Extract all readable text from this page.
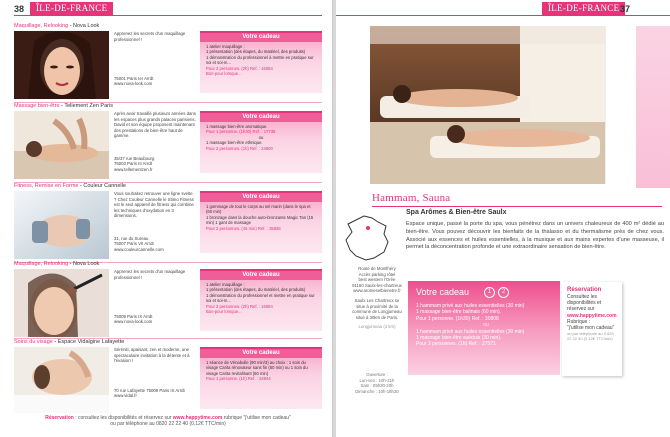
38	ÎLE-DE-FRANCE
Maquillage, Relooking - Nova Look
Apprenez les secrets d'un maquillage professionnel !
75001 Paris Ier Arrdt
www.nova-look.com
Votre cadeau
1 atelier maquillage :
1 présentation (des étapes, du matériel, des produits)
1 démonstration du professionnel à mettre en pratique sur soi et soi-m...
Pour 2 personnes. (2h) Ref. : 16084
Bon-pour lorsque...
Massage bien-être - Tellement Zen Paris
Après avoir travaillé plusieurs années dans les espaces plus grands palaces parisiens, David et son équipe proposent maintenant des prestations de bien-être haut de gamme.
35/37 rue Beaubourg
75003 Paris III Arrdt
www.tellementzen.fr
Votre cadeau
1 massage bien-être aromatique.
Pour 1 personne. (1h30) Ref. : 17736
ou
1 massage bien-être ethnique.
Pour 2 personnes. (1h) Ref. : 24800
Fitness, Remise en Forme - Couleur Cannelle
Vous souhaitez retrouver une ligne svelte ? Chez Couleur Cannelle le Stimo Fitness est le seul appareil de fitness qui combine les techniques d'oxydation en 3 dimensions.
31, rue du Sureau
75007 Paris VII Arrdt
www.couleurcannelle.com
Votre cadeau
1 gommage de tout le corps au sel marin (dans le spa et (60 min)
1 bronzage dans la douche auto-bronzante Magic Tan (15 min) 1 gant de massage
Pour 2 personnes. (45 min) Ref. : 35836
Maquillage, Relooking - Nova Look
Apprenez les secrets d'un maquillage professionnel !
75009 Paris IX Arrdt
www.nova-look.com
Votre cadeau
1 atelier maquillage :
1 présentation (des étapes, du matériel, des produits)
1 démonstration du professionnel et mettre en pratique sur soi et soi-m...
Pour 2 personnes. (2h) Ref. : 16084
Bon-pour lorsque...
Soins du visage - Espace Vidalgine Lafayette
Séréniti, apaisant, zen et moderne, une spectaculaire invitation à la détente et à l'évasion !
70 rue Lafayette 75009 Paris IX Arrdt www.vidal.fr
Votre cadeau
1 séance de Vénabulle (90 min/3) au choix : 1 soin du visage Carita rénovateur sans fin (60 min) ou 1 soin du visage Carita revitalisant (60 min)
Pour 1 personne. (1h) Ref. : 34844
Réservation : consultez les disponibilités et réservez sur www.happytime.com rubrique "j'utilise mon cadeau"
ou par téléphone au 0820 22 22 40 (0,12€ TTC/min)
ÎLE-DE-FRANCE 37
Hammam, Sauna
Spa Arômes & Bien-être Saulx
Espace unique, passé la porte du spa, vous pénétrez dans un univers chaleureux de 400 m² dédié au bien-être. Vous pouvez découvrir les bienfaits de la thalasso et du thermalisme près de chez vous. Associé aux essences et huiles essentielles, à la musique et aux mains expertes d'une masseuse, il permet la déconcentration profonde et une extraordinaire sensation de bien-être.
Route de Montlhéry
Accès parking rôtel
best western l'Orée
91160 Saulx-les-chartreux
www.aromesetbienetre.fr
Saulx Les Chartreux se situe à proximité de la commune de Longjumeau situé à 30km de Paris.
Longjumeau (4 km)
Ouverture :
Lun-ven : 10h-21h
Sam : 09h30-20h
Dimanche : 10h-18h30
Votre cadeau	1	2
1 hammam privé aux huiles essentielles (30 min)
1 massage bien-être balinais (60 min).
Pour 1 personne. (1h30) Ref. : 30808
ou
1 hammam privé aux huiles essentielles (30 min)
1 massage bien-être suédois (30 min).
Pour 2 personnes. (1h) Ref. : 27571
Réservation
Consultez les disponibilités et réservez sur
www.happytime.com
Rubrique :
"j'utilise mon cadeau"
ou par téléphone au 0 820 22 22 40 (0,12€ TTC/min)
